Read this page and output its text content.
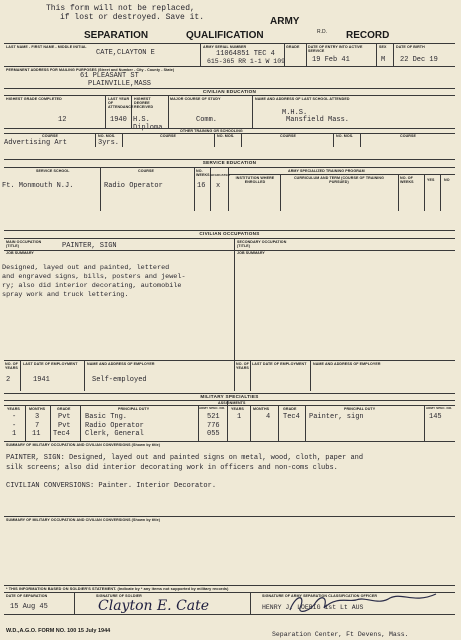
This form will not be replaced,
if lost or destroyed. Save it.	ARMY
SEPARATION	QUALIFICATION	RECORD
R.D.
LAST NAME - FIRST NAME - MIDDLE INITIAL	ARMY SERIAL NUMBER	GRADE DATE OF ENTRY INTO ACTIVE SERVICE
SEX	DATE OF BIRTH
CATE,CLAYTON E	11064851 TEC 4
615-365 RR 1-1 W 109	19 Feb 41	M 22 Dec 19
PERMANENT ADDRESS FOR MAILING PURPOSES (Street and Number - City - County - State)
61 PLEASANT ST
PLAINVILLE,MASS
CIVILIAN EDUCATION
HIGHEST GRADE COMPLETED	LAST YEAR OF ATTENDANCE
HIGHEST DEGREE RECEIVED
MAJOR COURSE OF STUDY	NAME AND ADDRESS OF LAST SCHOOL ATTENDED
12	1940 H.S. Diploma
Comm.
M.H.S.
Mansfield Mass.
OTHER TRAINING OR SCHOOLING
COURSE	NO. MOS.	COURSE	NO. MOS.	COURSE	NO. MOS.	COURSE
Advertising Art	3yrs.
SERVICE EDUCATION
SERVICE SCHOOL	COURSE	NO. WEEKS GRADUATED
ARMY SPECIALIZED TRAINING PROGRAM
INSTITUTION WHERE ENROLLED
CURRICULUM AND TERM (COURSE OF TRAINING PURSUED)
NO. OF WEEKS	YES	NO
Ft. Monmouth N.J.	Radio Operator	16 x
CIVILIAN OCCUPATIONS
MAIN OCCUPATION
(TITLE)	PAINTER, SIGN	SECONDARY OCCUPATION
(TITLE)
JOB SUMMARY	JOB SUMMARY
Designed, layed out and painted, lettered
and engraved signs, bills, posters and jewel-
ry; also did interior decorating, automobile
spray work and truck lettering.
NO. OF YEARS
LAST DATE OF EMPLOYMENT	NAME AND ADDRESS OF EMPLOYER	NO. OF YEARS
LAST DATE OF EMPLOYMENT	NAME AND ADDRESS OF EMPLOYER
2	1941	Self-employed
MILITARY SPECIALTIES
ASSIGNMENTS
YEARS	MONTHS	GRADE	PRINCIPAL DUTY	ARMY SPEC. NO. YEARS	MONTHS	GRADE	PRINCIPAL DUTY	ARMY SPEC. NO.
-	3	Pvt Basic Tng.	521
-	7	Pvt Radio Operator	776
1 11 Tec4 Clerk, General	055
1	4 Tec4 Painter, sign	145
SUMMARY OF MILITARY OCCUPATION AND CIVILIAN CONVERSIONS (Shown by title)
PAINTER, SIGN: Designed, layed out and painted signs on metal, wood, cloth, paper and
silk screens; also did interior decorating work in officers and non-coms clubs.
CIVILIAN CONVERSIONS: Painter. Interior Decorator.
SUMMARY OF MILITARY OCCUPATION AND CIVILIAN CONVERSIONS (Shown by title)
* THIS INFORMATION BASED ON SOLDIER'S STATEMENT. (Indicate by * any items not supported by military records)
DATE OF SEPARATION	SIGNATURE OF SOLDIER	SIGNATURE OF ARMY SEPARATION CLASSIFICATION OFFICER
15 Aug 45	Clayton E. Cate	HENRY J. LOEBIG 1st Lt AUS
W.D.,A.G.O. FORM NO. 100 15 July 1944	Separation Center, Ft Devens, Mass.
